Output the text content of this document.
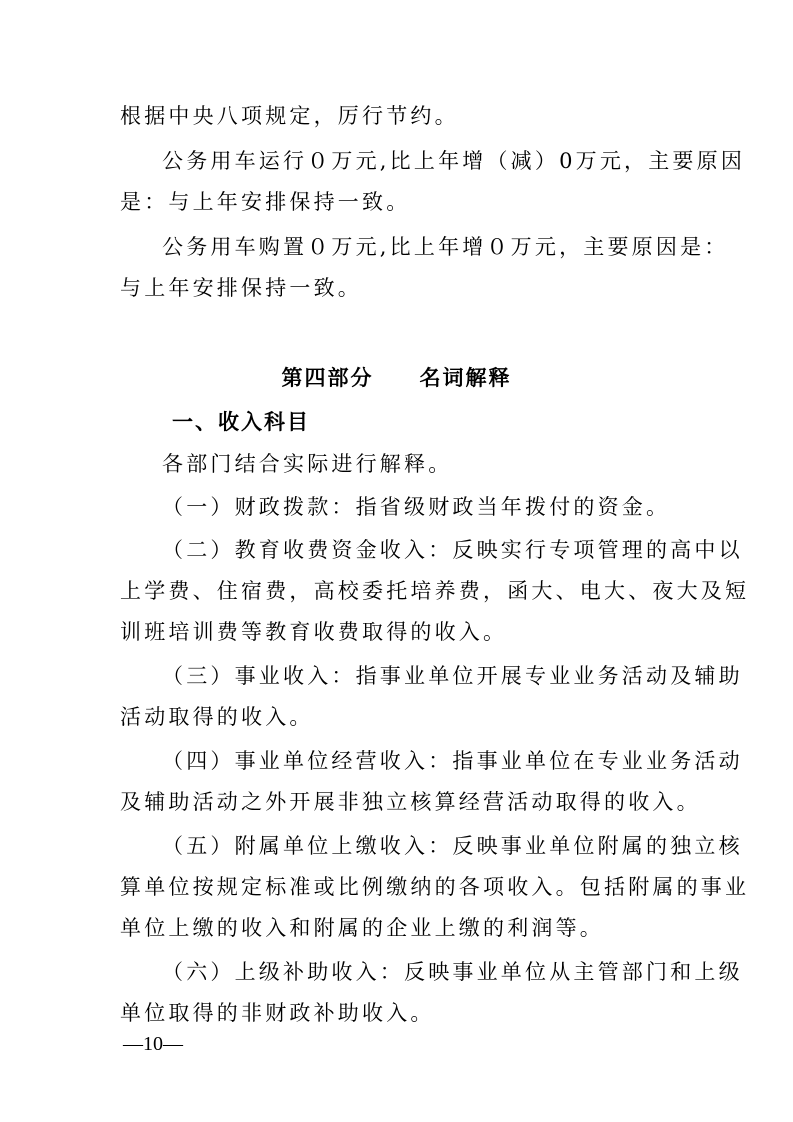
根据中央八项规定，厉行节约。
公务用车运行０万元,比上年增（减）0万元，主要原因
是：与上年安排保持一致。
公务用车购置０万元,比上年增０万元，主要原因是：
与上年安排保持一致。
第四部分　　名词解释
一、收入科目
各部门结合实际进行解释。
（一）财政拨款：指省级财政当年拨付的资金。
（二）教育收费资金收入：反映实行专项管理的高中以
上学费、住宿费，高校委托培养费，函大、电大、夜大及短
训班培训费等教育收费取得的收入。
（三）事业收入：指事业单位开展专业业务活动及辅助
活动取得的收入。
（四）事业单位经营收入：指事业单位在专业业务活动
及辅助活动之外开展非独立核算经营活动取得的收入。
（五）附属单位上缴收入：反映事业单位附属的独立核
算单位按规定标准或比例缴纳的各项收入。包括附属的事业
单位上缴的收入和附属的企业上缴的利润等。
（六）上级补助收入：反映事业单位从主管部门和上级
单位取得的非财政补助收入。
—10—
